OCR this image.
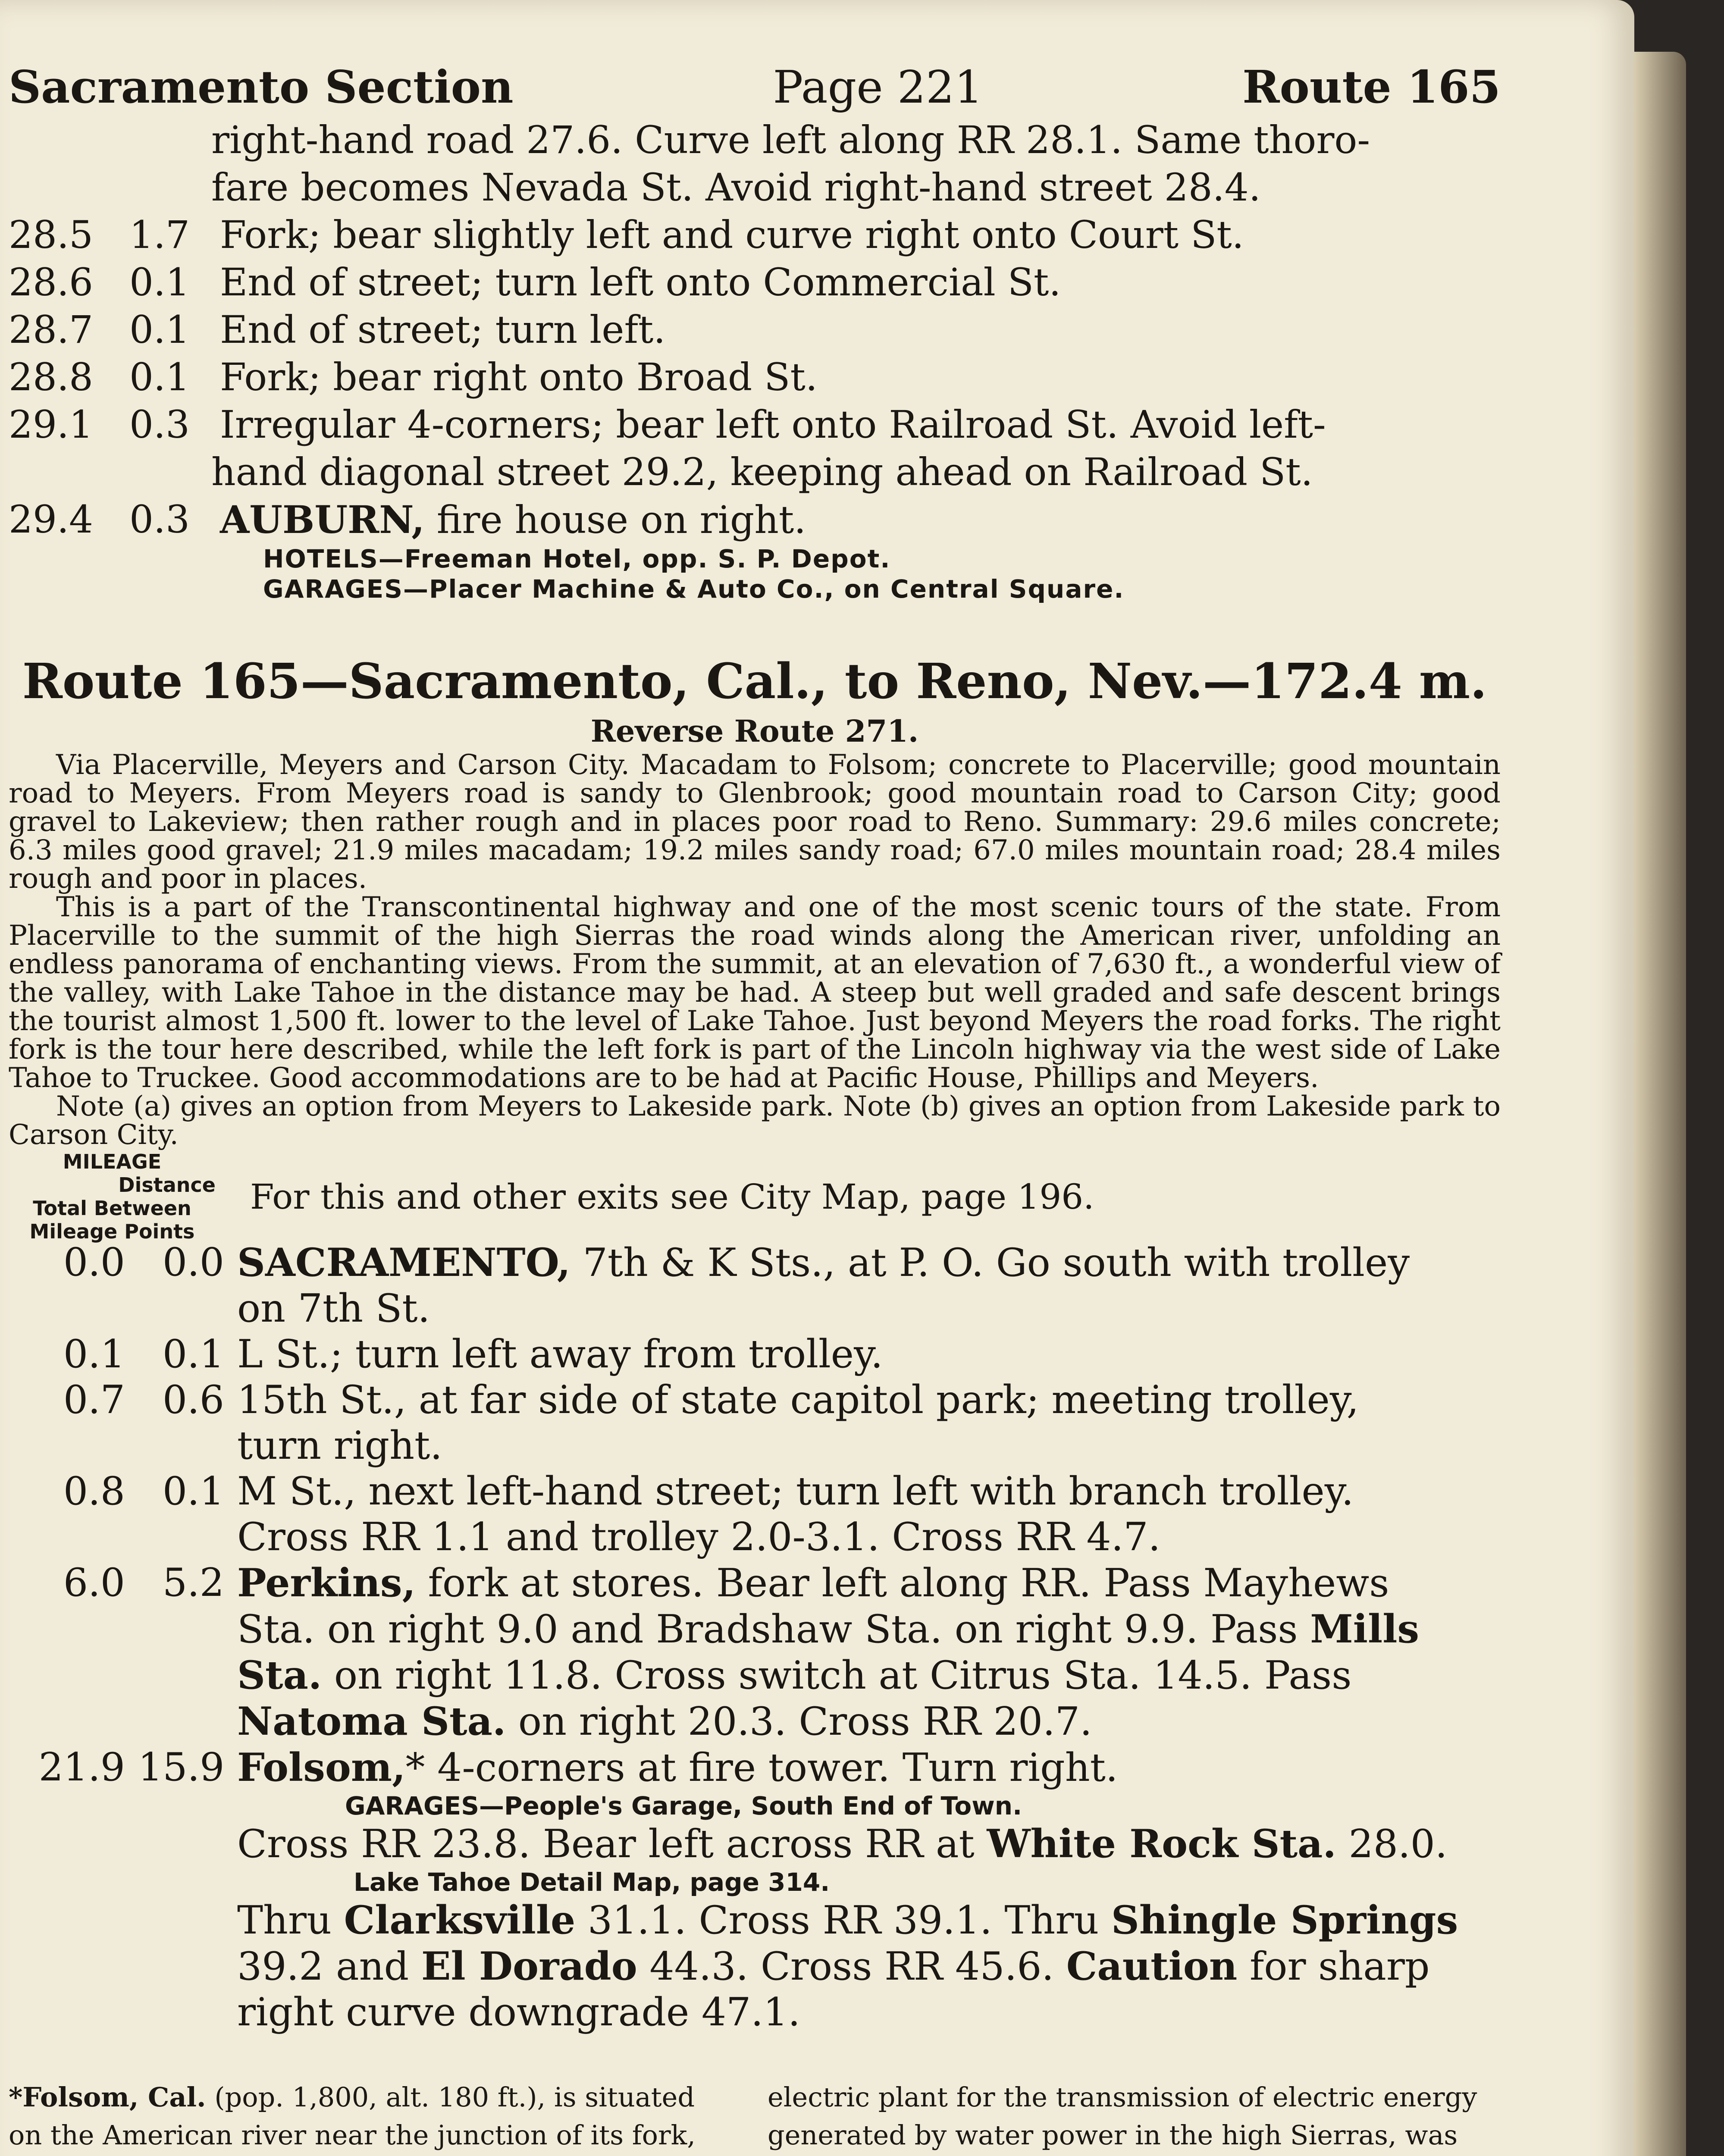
Sacramento Section	Page 221	Route 165
right-hand road 27.6. Curve left along RR 28.1. Same thoro-
fare becomes Nevada St. Avoid right-hand street 28.4.
28.5 1.7 Fork; bear slightly left and curve right onto Court St.
28.6 0.1 End of street; turn left onto Commercial St.
28.7 0.1 End of street; turn left.
28.8 0.1 Fork; bear right onto Broad St.
29.1 0.3 Irregular 4-corners; bear left onto Railroad St. Avoid left-
hand diagonal street 29.2, keeping ahead on Railroad St.
29.4 0.3 AUBURN, fire house on right.
HOTELS—Freeman Hotel, opp. S. P. Depot.
GARAGES—Placer Machine & Auto Co., on Central Square.
Route 165—Sacramento, Cal., to Reno, Nev.—172.4 m.
Reverse Route 271.

Via Placerville, Meyers and Carson City. Macadam to Folsom; concrete to Placerville; good mountain road to Meyers. From Meyers road is sandy to Glenbrook; good mountain road to Carson City; good gravel to Lakeview; then rather rough and in places poor road to Reno. Summary: 29.6 miles concrete; 6.3 miles good gravel; 21.9 miles macadam; 19.2 miles sandy road; 67.0 miles mountain road; 28.4 miles rough and poor in places.

This is a part of the Transcontinental highway and one of the most scenic tours of the state. From Placerville to the summit of the high Sierras the road winds along the American river, unfolding an endless panorama of enchanting views. From the summit, at an elevation of 7,630 ft., a wonderful view of the valley, with Lake Tahoe in the distance may be had. A steep but well graded and safe descent brings the tourist almost 1,500 ft. lower to the level of Lake Tahoe. Just beyond Meyers the road forks. The right fork is the tour here described, while the left fork is part of the Lincoln highway via the west side of Lake Tahoe to Truckee. Good accommodations are to be had at Pacific House, Phillips and Meyers.

Note (a) gives an option from Meyers to Lakeside park. Note (b) gives an option from Lakeside park to Carson City.

MILEAGE
Distance
Total Between
Mileage Points
For this and other exits see City Map, page 196.
0.0 0.0 SACRAMENTO, 7th & K Sts., at P. O. Go south with trolley
on 7th St.
0.1 0.1 L St.; turn left away from trolley.
0.7 0.6 15th St., at far side of state capitol park; meeting trolley,
turn right.
0.8 0.1 M St., next left-hand street; turn left with branch trolley.
Cross RR 1.1 and trolley 2.0-3.1. Cross RR 4.7.
6.0 5.2 Perkins, fork at stores. Bear left along RR. Pass Mayhews
Sta. on right 9.0 and Bradshaw Sta. on right 9.9. Pass Mills
Sta. on right 11.8. Cross switch at Citrus Sta. 14.5. Pass
Natoma Sta. on right 20.3. Cross RR 20.7.
21.9 15.9 Folsom,* 4-corners at fire tower. Turn right.
GARAGES—People's Garage, South End of Town.
Cross RR 23.8. Bear left across RR at White Rock Sta. 28.0.
Lake Tahoe Detail Map, page 314.
Thru Clarksville 31.1. Cross RR 39.1. Thru Shingle Springs
39.2 and El Dorado 44.3. Cross RR 45.6. Caution for sharp
right curve downgrade 47.1.
*Folsom, Cal. (pop. 1,800, alt. 180 ft.), is situated on the American river near the junction of its fork,
electric plant for the transmission of electric energy generated by water power in the high Sierras, was
